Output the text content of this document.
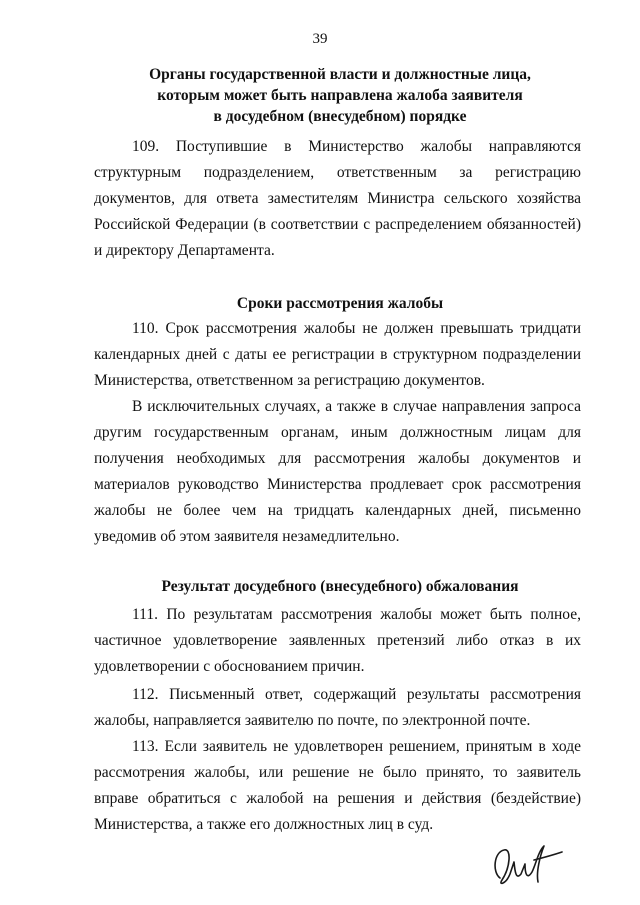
39
Органы государственной власти и должностные лица,
которым может быть направлена жалоба заявителя
в досудебном (внесудебном) порядке
109. Поступившие в Министерство жалобы направляются структурным подразделением, ответственным за регистрацию документов, для ответа заместителям Министра сельского хозяйства Российской Федерации (в соответствии с распределением обязанностей) и директору Департамента.
Сроки рассмотрения жалобы
110. Срок рассмотрения жалобы не должен превышать тридцати календарных дней с даты ее регистрации в структурном подразделении Министерства, ответственном за регистрацию документов.
В исключительных случаях, а также в случае направления запроса другим государственным органам, иным должностным лицам для получения необходимых для рассмотрения жалобы документов и материалов руководство Министерства продлевает срок рассмотрения жалобы не более чем на тридцать календарных дней, письменно уведомив об этом заявителя незамедлительно.
Результат досудебного (внесудебного) обжалования
111. По результатам рассмотрения жалобы может быть полное, частичное удовлетворение заявленных претензий либо отказ в их удовлетворении с обоснованием причин.
112. Письменный ответ, содержащий результаты рассмотрения жалобы, направляется заявителю по почте, по электронной почте.
113. Если заявитель не удовлетворен решением, принятым в ходе рассмотрения жалобы, или решение не было принято, то заявитель вправе обратиться с жалобой на решения и действия (бездействие) Министерства, а также его должностных лиц в суд.
